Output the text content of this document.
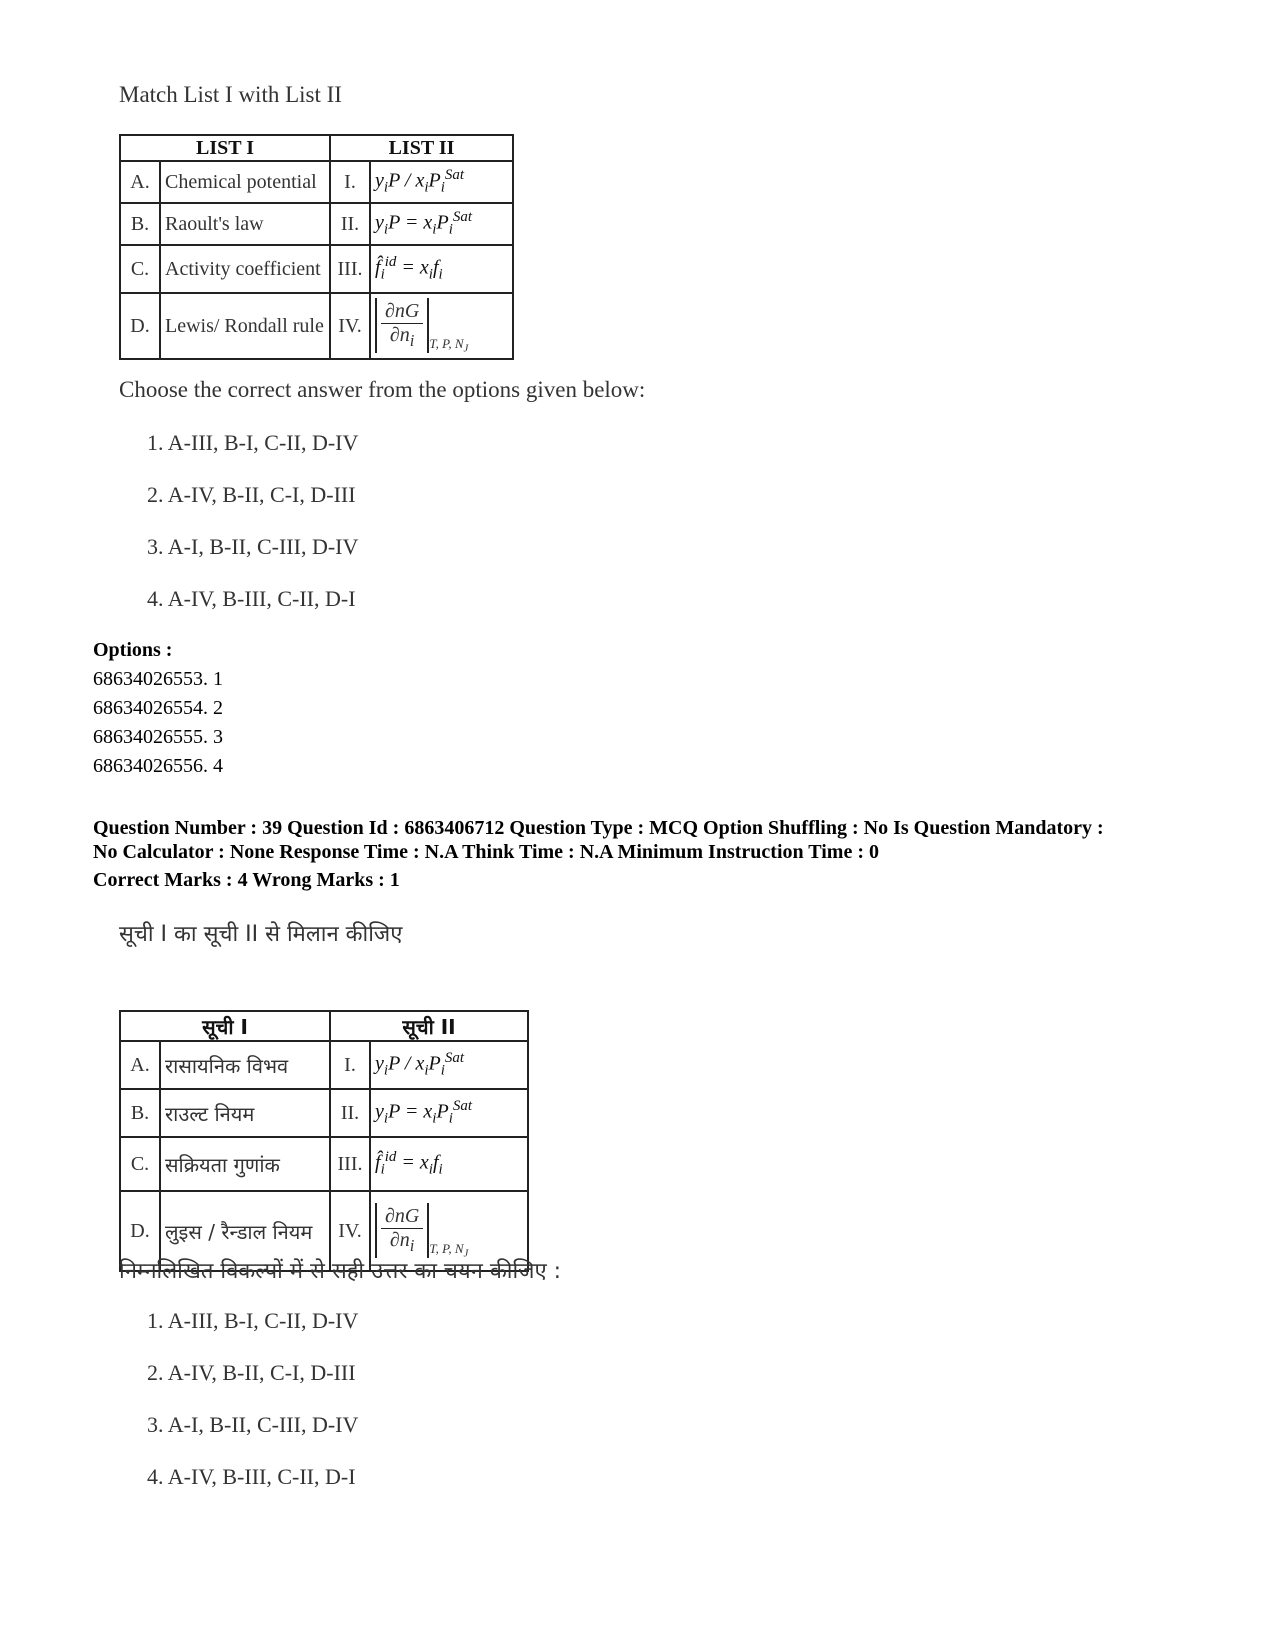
Match List I with List II
LIST I		LIST II	
A.	Chemical potential	I.	$y_iP / x_iP_i^{Sat}$
B.	Raoult's law	II.	$y_iP = x_iP_i^{Sat}$
C.	Activity coefficient	III.	$f̂_i^{id} = x_if_i$
D.	Lewis/ Rondall rule	IV.	$\frac{\partial nG}{\partial n_i} _{T, P, N_J}$
Choose the correct answer from the options given below:
1. A-III, B-I, C-II, D-IV
2. A-IV, B-II, C-I, D-III
3. A-I, B-II, C-III, D-IV
4. A-IV, B-III, C-II, D-I
Options :
68634026553. 1
68634026554. 2
68634026555. 3
68634026556. 4
Question Number : 39 Question Id : 6863406712 Question Type : MCQ Option Shuffling : No Is Question Mandatory :
No Calculator : None Response Time : N.A Think Time : N.A Minimum Instruction Time : 0
Correct Marks : 4 Wrong Marks : 1
सूची I का सूची II से मिलान कीजिए
सूची I		सूची II	
A.	रासायनिक विभव	I.	$y_iP / x_iP_i^{Sat}$
B.	राउल्ट नियम	II.	$y_iP = x_iP_i^{Sat}$
C.	सक्रियता गुणांक	III.	$f̂_i^{id} = x_if_i$
D.	लुइस / रैन्डाल नियम	IV.	$\frac{\partial nG}{\partial n_i} _{T, P, N_J}$
निम्नलिखित विकल्पों में से सही उत्तर का चयन कीजिए :
1. A-III, B-I, C-II, D-IV
2. A-IV, B-II, C-I, D-III
3. A-I, B-II, C-III, D-IV
4. A-IV, B-III, C-II, D-I
